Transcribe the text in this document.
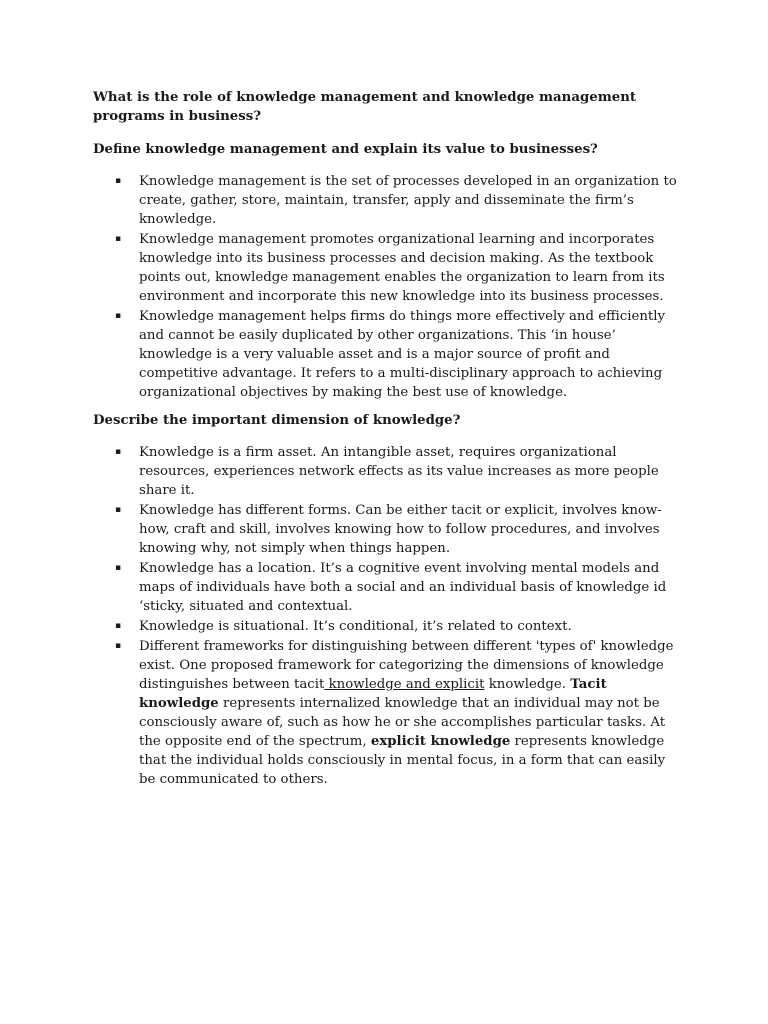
What is the role of knowledge management and knowledge management programs in business?
Define knowledge management and explain its value to businesses?
▪ Knowledge management is the set of processes developed in an organization to create, gather, store, maintain, transfer, apply and disseminate the firm’s knowledge.
▪ Knowledge management promotes organizational learning and incorporates knowledge into its business processes and decision making. As the textbook points out, knowledge management enables the organization to learn from its environment and incorporate this new knowledge into its business processes.
▪ Knowledge management helps firms do things more effectively and efficiently and cannot be easily duplicated by other organizations. This ‘in house’ knowledge is a very valuable asset and is a major source of profit and competitive advantage. It refers to a multi-disciplinary approach to achieving organizational objectives by making the best use of knowledge.
Describe the important dimension of knowledge?
▪ Knowledge is a firm asset. An intangible asset, requires organizational resources, experiences network effects as its value increases as more people share it.
▪ Knowledge has different forms. Can be either tacit or explicit, involves know-how, craft and skill, involves knowing how to follow procedures, and involves knowing why, not simply when things happen.
▪ Knowledge has a location. It’s a cognitive event involving mental models and maps of individuals have both a social and an individual basis of knowledge id ‘sticky, situated and contextual.
▪ Knowledge is situational. It’s conditional, it’s related to context.
▪ Different frameworks for distinguishing between different 'types of' knowledge exist. One proposed framework for categorizing the dimensions of knowledge distinguishes between tacit knowledge and explicit knowledge. Tacit knowledge represents internalized knowledge that an individual may not be consciously aware of, such as how he or she accomplishes particular tasks. At the opposite end of the spectrum, explicit knowledge represents knowledge that the individual holds consciously in mental focus, in a form that can easily be communicated to others.
